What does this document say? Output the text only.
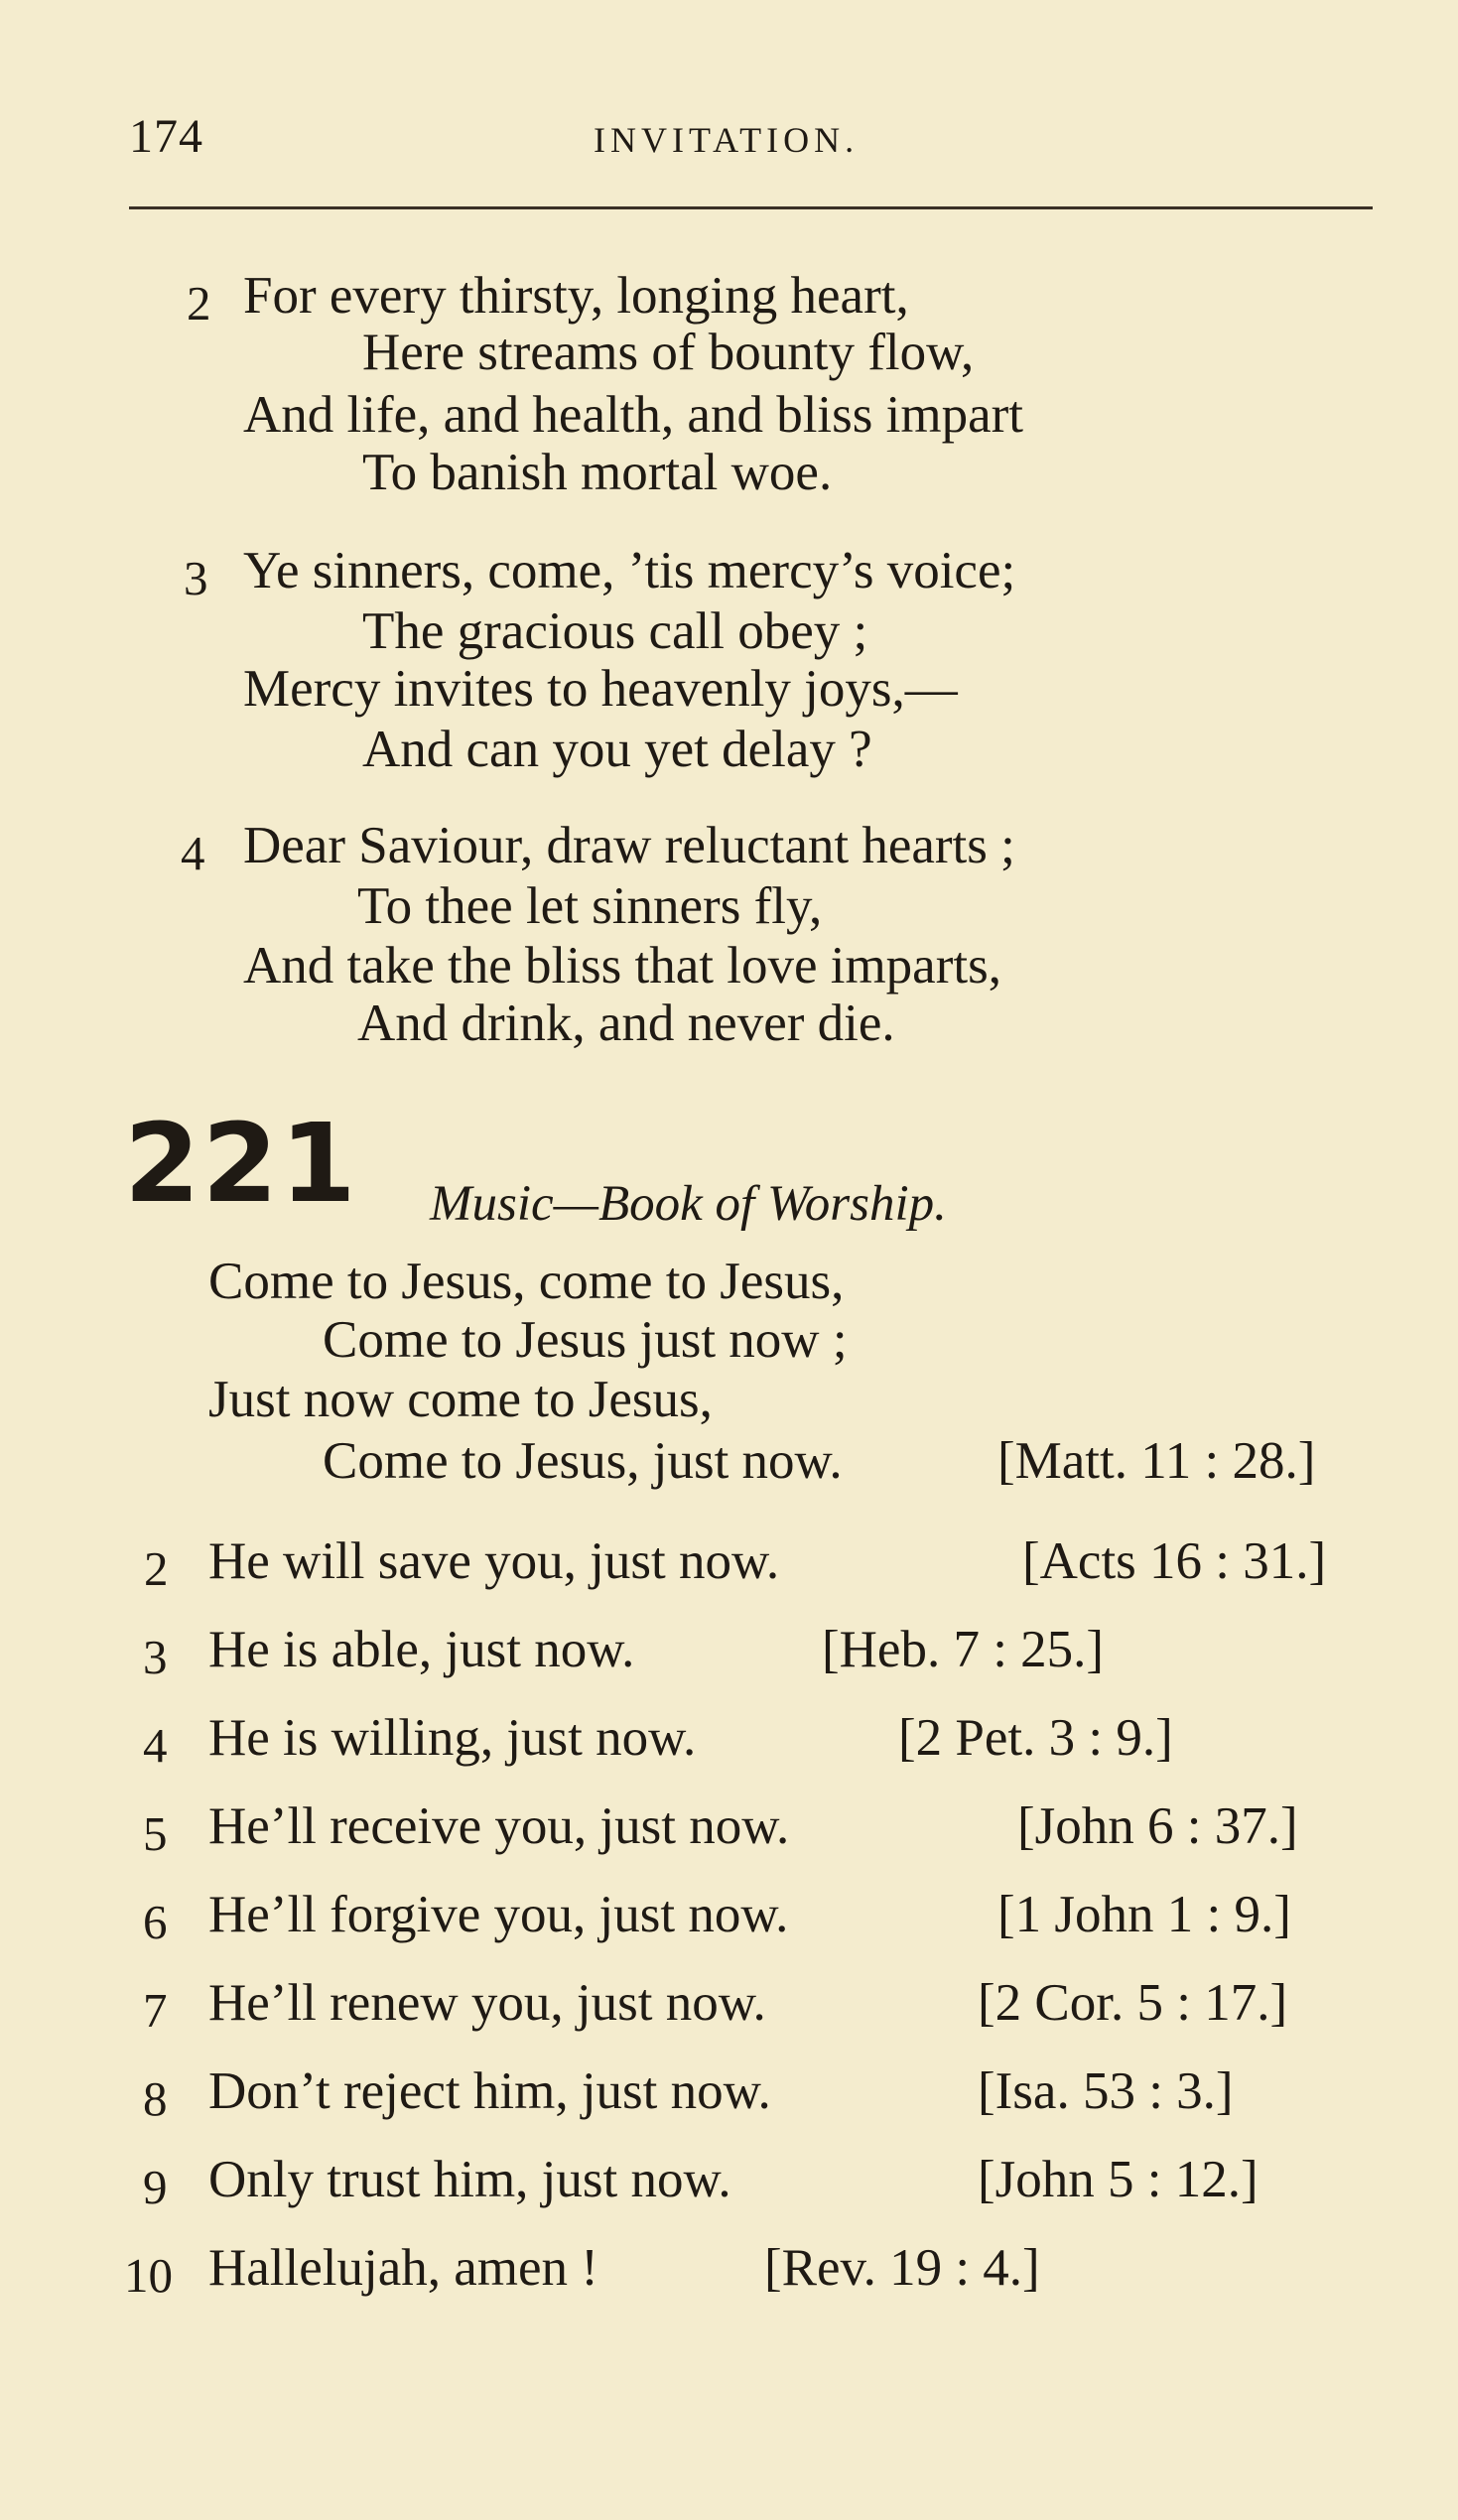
174	INVITATION.
2 For every thirsty, longing heart,
Here streams of bounty flow,
And life, and health, and bliss impart
To banish mortal woe.
3 Ye sinners, come, ’tis mercy’s voice;
The gracious call obey ;
Mercy invites to heavenly joys,—
And can you yet delay ?
4 Dear Saviour, draw reluctant hearts ;
To thee let sinners fly,
And take the bliss that love imparts,
And drink, and never die.
221 Music—Book of Worship.
Come to Jesus, come to Jesus,
Come to Jesus just now ;
Just now come to Jesus,
Come to Jesus, just now.	[Matt. 11 : 28.]
2 He will save you, just now.	[Acts 16 : 31.]
3 He is able, just now.	[Heb. 7 : 25.]
4 He is willing, just now.	[2 Pet. 3 : 9.]
5 He’ll receive you, just now.	[John 6 : 37.]
6 He’ll forgive you, just now.	[1 John 1 : 9.]
7 He’ll renew you, just now.	[2 Cor. 5 : 17.]
8 Don’t reject him, just now.	[Isa. 53 : 3.]
9 Only trust him, just now.	[John 5 : 12.]
10 Hallelujah, amen !	[Rev. 19 : 4.]
